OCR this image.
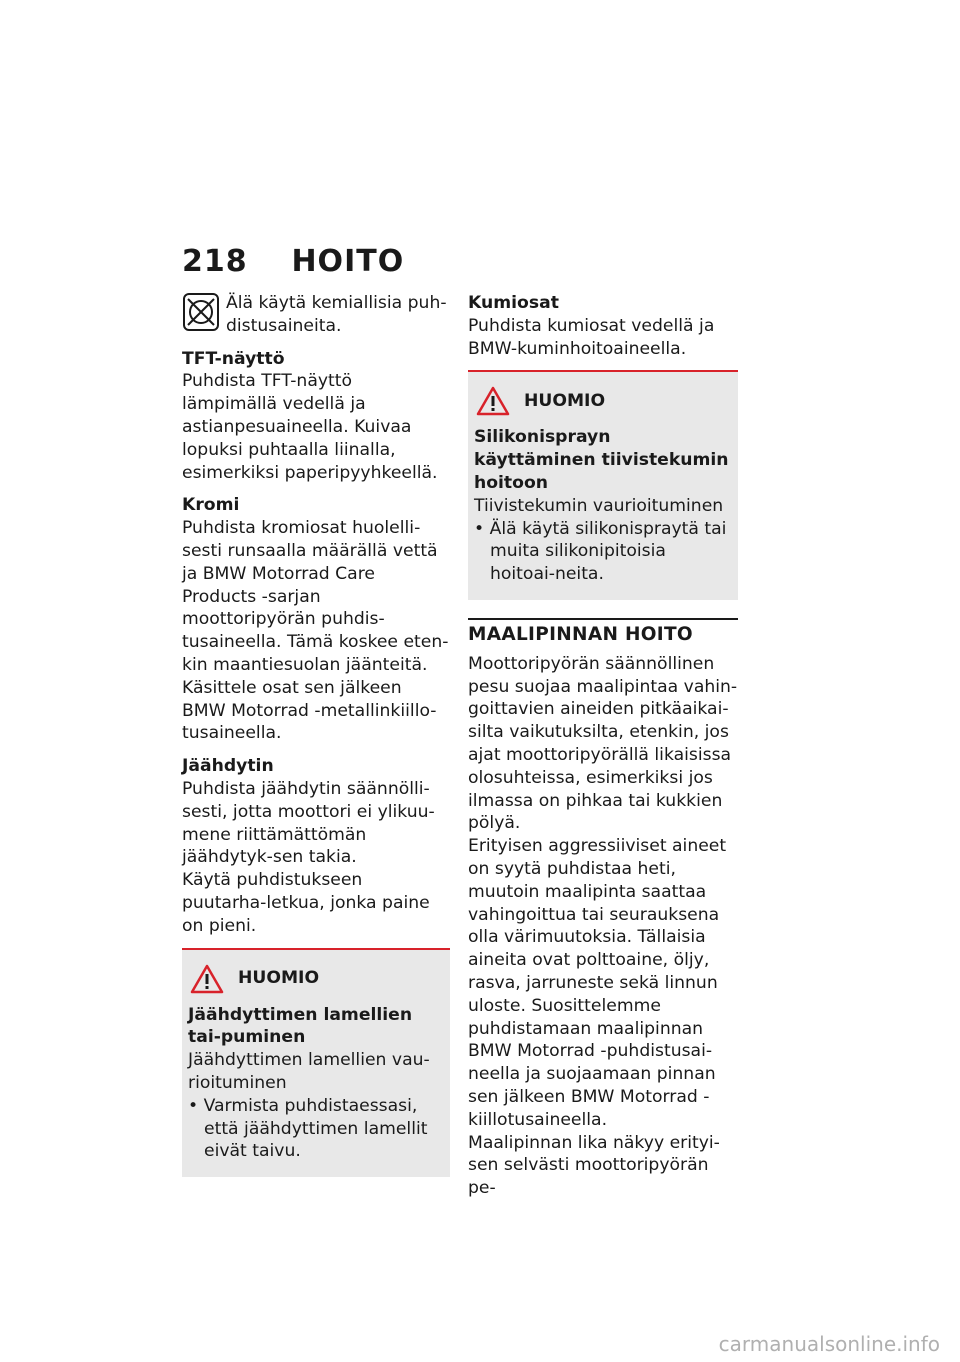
218 HOITO

Älä käytä kemiallisia puh-
distusaineita.

TFT-näyttö

Puhdista TFT-näyttö lämpimällä vedellä ja astianpesuaineella. Kuivaa lopuksi puhtaalla liinalla, esimerkiksi paperipyyhkeellä.

Kromi

Puhdista kromiosat huolelli-sesti runsaalla määrällä vettä ja BMW Motorrad Care Products -sarjan moottoripyörän puhdis-tusaineella. Tämä koskee eten-kin maantiesuolan jäänteitä.

Käsittele osat sen jälkeen BMW Motorrad -metallinkiillo-tusaineella.

Jäähdytin

Puhdista jäähdytin säännölli-sesti, jotta moottori ei ylikuu-mene riittämättömän jäähdytyk-sen takia.

Käytä puhdistukseen puutarha-letkua, jonka paine on pieni.

HUOMIO

Jäähdyttimen lamellien tai-puminen

Jäähdyttimen lamellien vau-rioituminen

• Varmista puhdistaessasi, että jäähdyttimen lamellit eivät taivu.

Kumiosat

Puhdista kumiosat vedellä ja BMW-kuminhoitoaineella.

HUOMIO

Silikonisprayn käyttäminen tiivistekumin hoitoon

Tiivistekumin vaurioituminen

• Älä käytä silikonispraytä tai muita silikonipitoisia hoitoai-neita.

MAALIPINNAN HOITO

Moottoripyörän säännöllinen pesu suojaa maalipintaa vahin-goittavien aineiden pitkäaikai-silta vaikutuksilta, etenkin, jos ajat moottoripyörällä likaisissa olosuhteissa, esimerkiksi jos ilmassa on pihkaa tai kukkien pölyä.

Erityisen aggressiiviset aineet on syytä puhdistaa heti, muutoin maalipinta saattaa vahingoittua tai seurauksena olla värimuutoksia. Tällaisia aineita ovat polttoaine, öljy, rasva, jarruneste sekä linnun uloste. Suosittelemme puhdistamaan maalipinnan BMW Motorrad -puhdistusai-neella ja suojaamaan pinnan sen jälkeen BMW Motorrad -kiillotusaineella.

Maalipinnan lika näkyy erityi-sen selvästi moottoripyörän pe-

carmanualsonline.info
